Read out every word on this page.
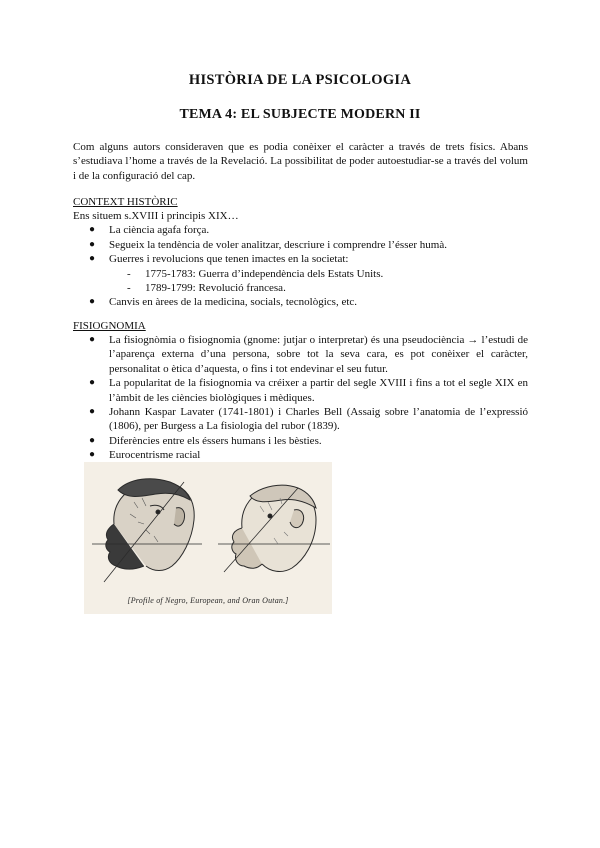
HISTÒRIA DE LA PSICOLOGIA
TEMA 4: EL SUBJECTE MODERN II
Com alguns autors consideraven que es podia conèixer el caràcter a través de trets físics. Abans s’estudiava l’home a través de la Revelació. La possibilitat de poder autoestudiar-se a través del volum i de la configuració del cap.
CONTEXT HISTÒRIC
Ens situem s.XVIII i principis XIX…
● La ciència agafa força.
● Segueix la tendència de voler analitzar, descriure i comprendre l’ésser humà.
● Guerres i revolucions que tenen imactes en la societat:
- 1775-1783: Guerra d’independència dels Estats Units.
- 1789-1799: Revolució francesa.
● Canvis en àrees de la medicina, socials, tecnològics, etc.
FISIOGNOMIA
● La fisiognòmia o fisiognomia (gnome: jutjar o interpretar) és una pseudociència → l’estudi de l’aparença externa d’una persona, sobre tot la seva cara, es pot conèixer el caràcter, personalitat o ètica d’aquesta, o fins i tot endevinar el seu futur.
● La popularitat de la fisiognomia va créixer a partir del segle XVIII i fins a tot el segle XIX en l’àmbit de les ciències biològiques i mèdiques.
● Johann Kaspar Lavater (1741-1801) i Charles Bell (Assaig sobre l’anatomia de l’expressió (1806), per Burgess a La fisiologia del rubor (1839).
● Diferències entre els éssers humans i les bèsties.
● Eurocentrisme racial
[Profile of Negro, European, and Oran Outan.]
